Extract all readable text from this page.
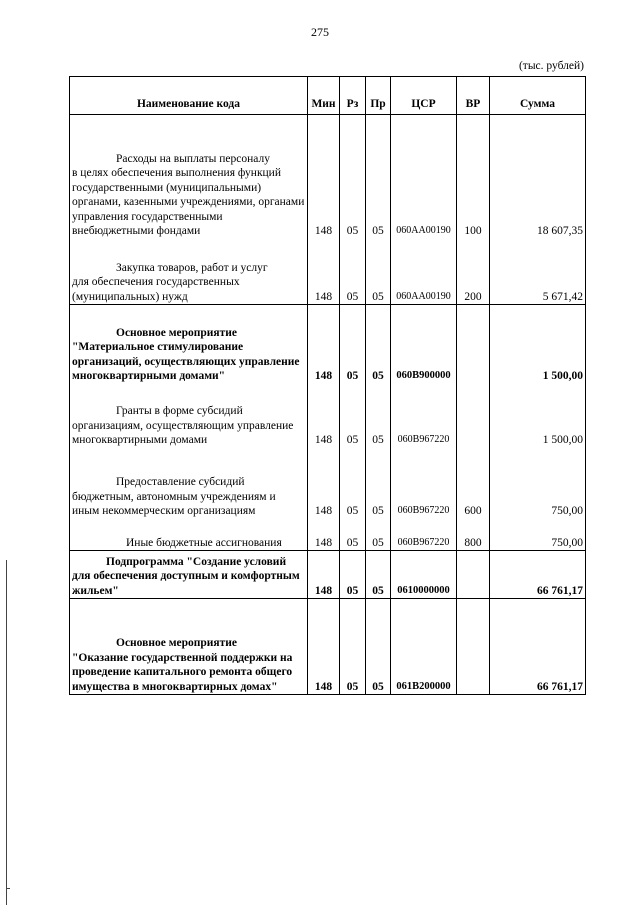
275
(тыс. рублей)
Наименование кода	Мин	Рз	Пр	ЦСР	ВР	Сумма

Расходы на выплаты персоналу
в целях обеспечения выполнения функций государственными (муниципальными) органами, казенными учреждениями, органами управления государственными внебюджетными фондами	148	05	05	060AA00190	100	18 607,35

Закупка товаров, работ и услуг
для обеспечения государственных (муниципальных) нужд	148	05	05	060AA00190	200	5 671,42

Основное мероприятие
"Материальное стимулирование организаций, осуществляющих управление многоквартирными домами"	148	05	05	060В900000		1 500,00

Гранты в форме субсидий
организациям, осуществляющим управление многоквартирными домами	148	05	05	060В967220		1 500,00

Предоставление субсидий
бюджетным, автономным учреждениям и иным некоммерческим организациям	148	05	05	060В967220	600	750,00

Иные бюджетные ассигнования	148	05	05	060В967220	800	750,00

Подпрограмма "Создание условий
для обеспечения доступным и комфортным жильем"	148	05	05	0610000000		66 761,17

Основное мероприятие
"Оказание государственной поддержки на проведение капитального ремонта общего имущества в многоквартирных домах"	148	05	05	061В200000		66 761,17
